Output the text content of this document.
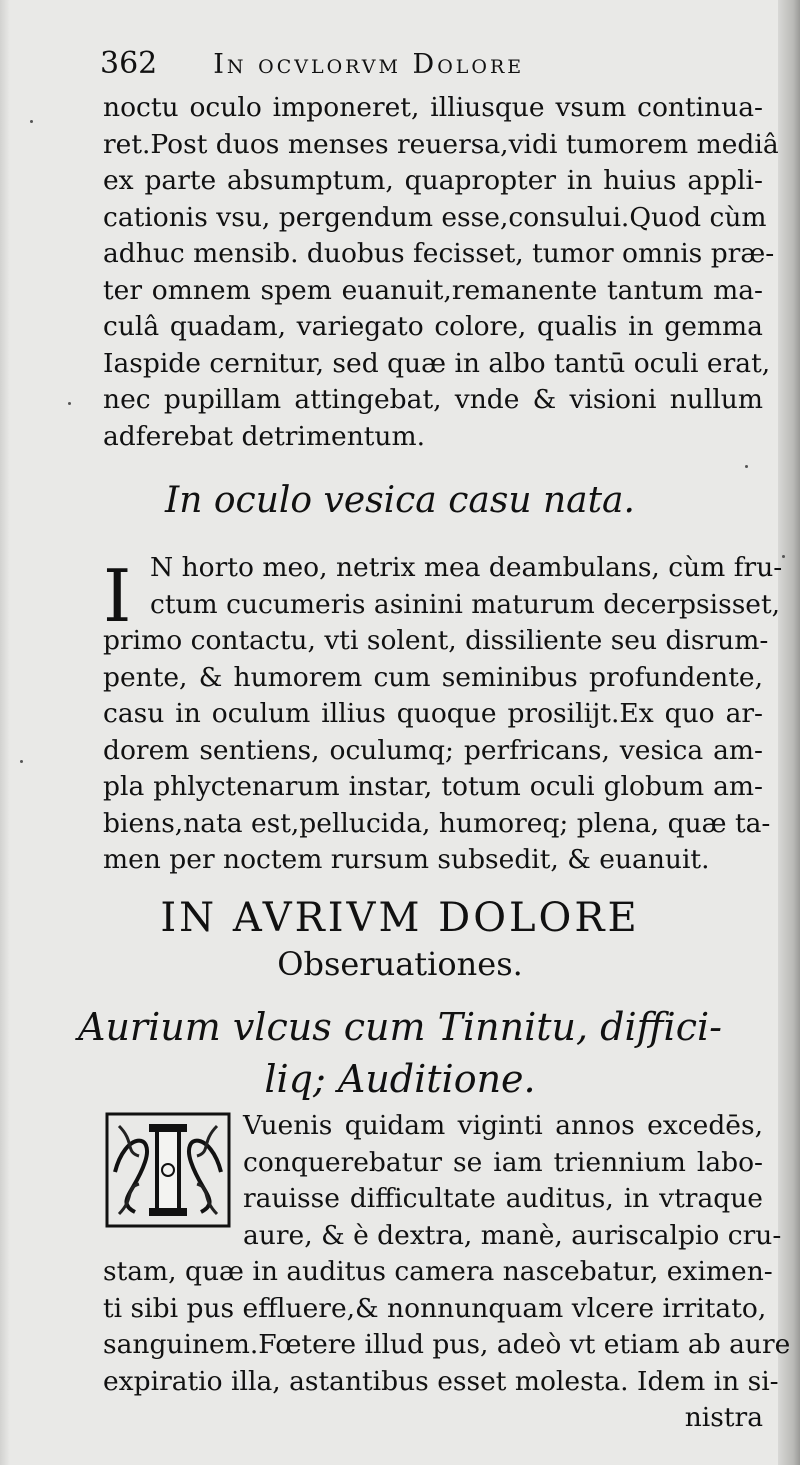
362 In ocvlorvm Dolore
noctu oculo imponeret, illiusque vsum continua-
ret.Post duos menses reuersa,vidi tumorem mediâ
ex parte absumptum, quapropter in huius appli-
cationis vsu, pergendum esse,consului.Quod cùm
adhuc mensib. duobus fecisset, tumor omnis præ-
ter omnem spem euanuit,remanente tantum ma-
culâ quadam, variegato colore, qualis in gemma
Iaspide cernitur, sed quæ in albo tantū oculi erat,
nec pupillam attingebat, vnde & visioni nullum
adferebat detrimentum.
In oculo vesica casu nata.
I N horto meo, netrix mea deambulans, cùm fru-
ctum cucumeris asinini maturum decerpsisset,
primo contactu, vti solent, dissiliente seu disrum-
pente, & humorem cum seminibus profundente,
casu in oculum illius quoque prosilijt.Ex quo ar-
dorem sentiens, oculumq; perfricans, vesica am-
pla phlyctenarum instar, totum oculi globum am-
biens,nata est,pellucida, humoreq; plena, quæ ta-
men per noctem rursum subsedit, & euanuit.
IN AVRIVM DOLORE
Obseruationes.
Aurium vlcus cum Tinnitu, diffici-
liq; Auditione.
Vuenis quidam viginti annos excedēs,
conquerebatur se iam triennium labo-
rauisse difficultate auditus, in vtraque
aure, & è dextra, manè, auriscalpio cru-
stam, quæ in auditus camera nascebatur, eximen-
ti sibi pus effluere,& nonnunquam vlcere irritato,
sanguinem.Fœtere illud pus, adeò vt etiam ab aure
expiratio illa, astantibus esset molesta. Idem in si-
nistra
